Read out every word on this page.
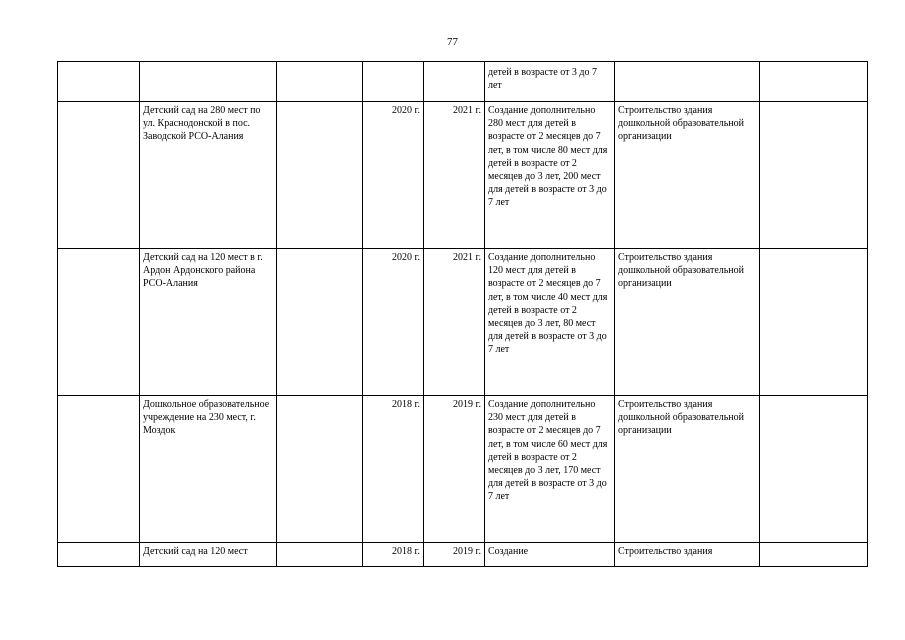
77
					детей в возрасте от 3 до 7 лет		
	Детский сад на 280 мест по ул. Краснодонской в пос. Заводской РСО-Алания		2020 г.	2021 г.	Создание дополнительно 280 мест для детей в возрасте от 2 месяцев до 7 лет, в том числе 80 мест для детей в возрасте от 2 месяцев до 3 лет, 200 мест для детей в возрасте от 3 до 7 лет	Строительство здания дошкольной образовательной организации	
	Детский сад на 120 мест в г. Ардон Ардонского района РСО-Алания		2020 г.	2021 г.	Создание дополнительно 120 мест для детей в возрасте от 2 месяцев до 7 лет, в том числе 40 мест для детей в возрасте от 2 месяцев до 3 лет, 80 мест для детей в возрасте от 3 до 7 лет	Строительство здания дошкольной образовательной организации	
	Дошкольное образовательное учреждение на 230 мест, г. Моздок		2018 г.	2019 г.	Создание дополнительно 230 мест для детей в возрасте от 2 месяцев до 7 лет, в том числе 60 мест для детей в возрасте от 2 месяцев до 3 лет, 170 мест для детей в возрасте от 3 до 7 лет	Строительство здания дошкольной образовательной организации	
	Детский сад на 120 мест		2018 г.	2019 г.	Создание	Строительство здания	
